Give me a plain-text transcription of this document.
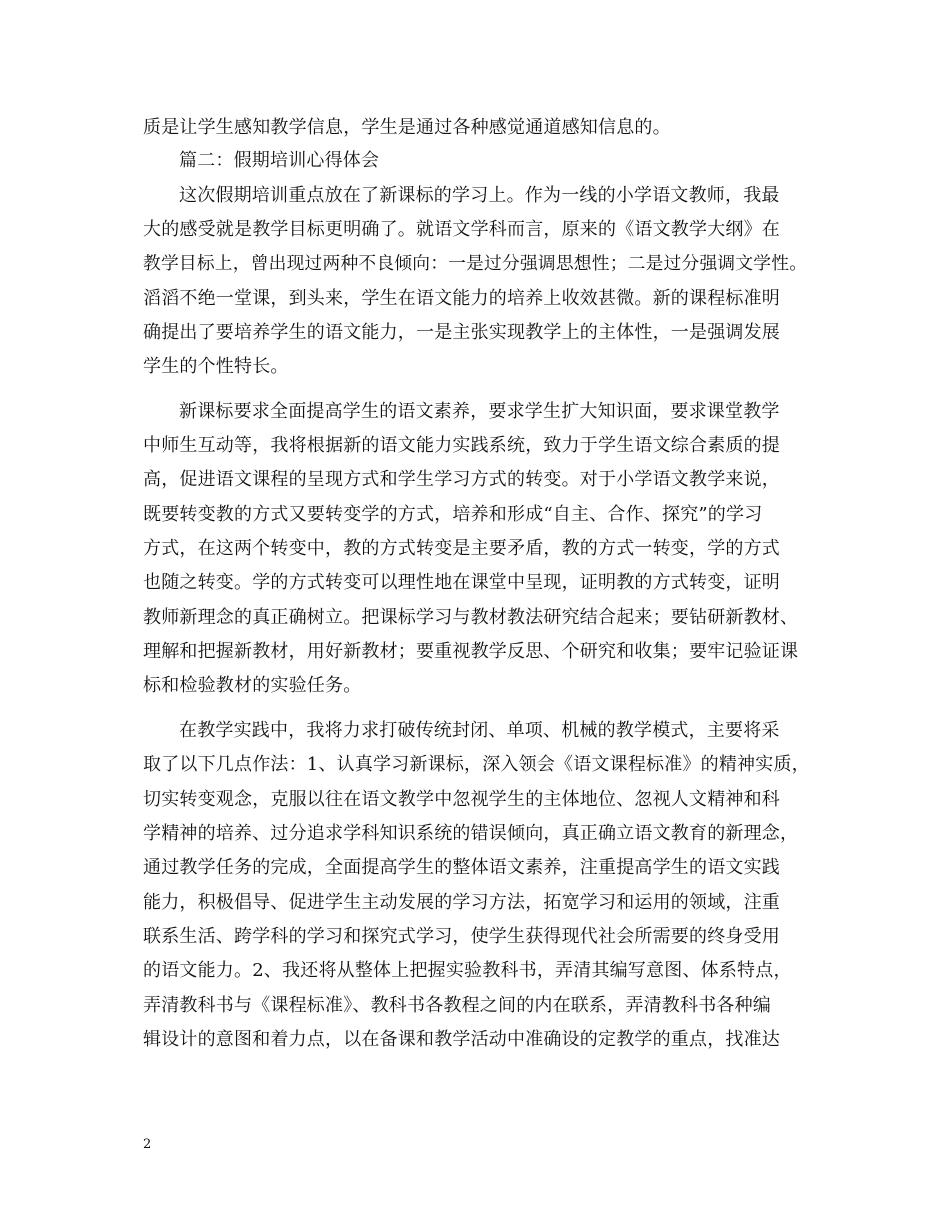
质是让学生感知教学信息，学生是通过各种感觉通道感知信息的。
篇二：假期培训心得体会
这次假期培训重点放在了新课标的学习上。作为一线的小学语文教师，我最
大的感受就是教学目标更明确了。就语文学科而言，原来的《语文教学大纲》在
教学目标上，曾出现过两种不良倾向：一是过分强调思想性；二是过分强调文学性。
滔滔不绝一堂课，到头来，学生在语文能力的培养上收效甚微。新的课程标准明
确提出了要培养学生的语文能力，一是主张实现教学上的主体性，一是强调发展
学生的个性特长。
新课标要求全面提高学生的语文素养，要求学生扩大知识面，要求课堂教学
中师生互动等，我将根据新的语文能力实践系统，致力于学生语文综合素质的提
高，促进语文课程的呈现方式和学生学习方式的转变。对于小学语文教学来说，
既要转变教的方式又要转变学的方式，培养和形成“自主、合作、探究”的学习
方式，在这两个转变中，教的方式转变是主要矛盾，教的方式一转变，学的方式
也随之转变。学的方式转变可以理性地在课堂中呈现，证明教的方式转变，证明
教师新理念的真正确树立。把课标学习与教材教法研究结合起来；要钻研新教材、
理解和把握新教材，用好新教材；要重视教学反思、个研究和收集；要牢记验证课
标和检验教材的实验任务。
在教学实践中，我将力求打破传统封闭、单项、机械的教学模式，主要将采
取了以下几点作法：1、认真学习新课标，深入领会《语文课程标准》的精神实质，
切实转变观念，克服以往在语文教学中忽视学生的主体地位、忽视人文精神和科
学精神的培养、过分追求学科知识系统的错误倾向，真正确立语文教育的新理念，
通过教学任务的完成，全面提高学生的整体语文素养，注重提高学生的语文实践
能力，积极倡导、促进学生主动发展的学习方法，拓宽学习和运用的领域，注重
联系生活、跨学科的学习和探究式学习，使学生获得现代社会所需要的终身受用
的语文能力。2、我还将从整体上把握实验教科书，弄清其编写意图、体系特点，
弄清教科书与《课程标准》、教科书各教程之间的内在联系，弄清教科书各种编
辑设计的意图和着力点，以在备课和教学活动中准确设的定教学的重点，找准达
2
